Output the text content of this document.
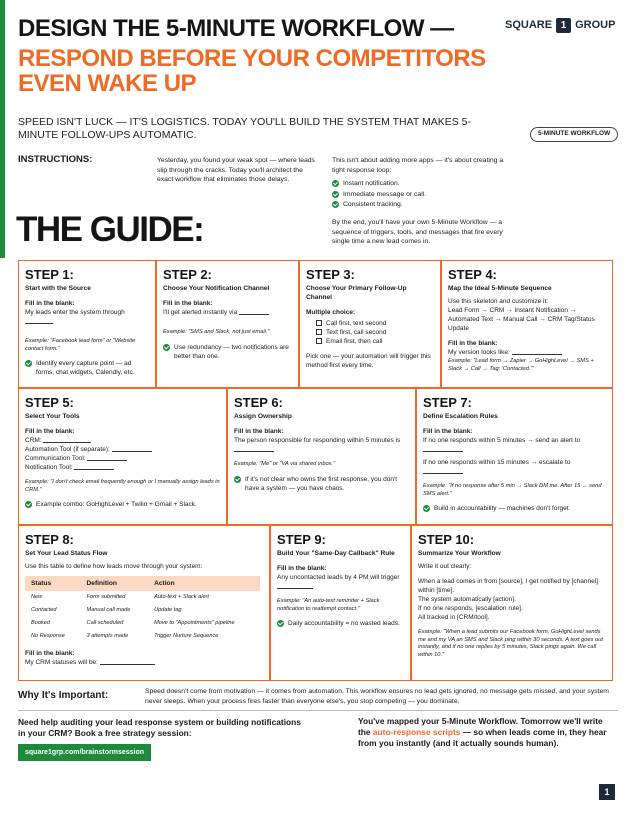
DESIGN THE 5-MINUTE WORKFLOW —
RESPOND BEFORE YOUR COMPETITORS EVEN WAKE UP
SQUARE 1 GROUP
SPEED ISN'T LUCK — IT'S LOGISTICS. TODAY YOU'LL BUILD THE SYSTEM THAT MAKES 5-MINUTE FOLLOW-UPS AUTOMATIC.	5-MINUTE WORKFLOW
INSTRUCTIONS:	Yesterday, you found your weak spot — where leads slip through the cracks. Today you'll architect the exact workflow that eliminates those delays.
This isn't about adding more apps — it's about creating a tight response loop:
Instant notification.
Immediate message or call.
Consistent tracking.
By the end, you'll have your own 5-Minute Workflow — a sequence of triggers, tools, and messages that fire every single time a new lead comes in.
THE GUIDE:
STEP 1:
Start with the Source
Fill in the blank:
My leads enter the system through
Example: "Facebook lead form" or "Website contact form."
Identify every capture point — ad forms, chat widgets, Calendly, etc.
STEP 2:
Choose Your Notification Channel
Fill in the blank:
I'll get alerted instantly via
Example: "SMS and Slack, not just email."
Use redundancy — two notifications are better than one.
STEP 3:
Choose Your Primary Follow-Up Channel
Multiple choice:
Call first, text second
Text first, call second
Email first, then call
Pick one — your automation will trigger this method first every time.
STEP 4:
Map the Ideal 5-Minute Sequence
Use this skeleton and customize it:
Lead Form → CRM → Instant Notification → Automated Text → Manual Call → CRM Tag/Status Update
Fill in the blank:
My version looks like:
Example: "Lead form → Zapier → GoHighLevel → SMS + Slack → Call → Tag: 'Contacted.'"
STEP 5:
Select Your Tools
Fill in the blank:
CRM:
Automation Tool (if separate):
Communication Tool:
Notification Tool:
Example: "I don't check email frequently enough or I manually assign leads in CRM."
Example combo: GoHighLevel + Twilio + Gmail + Slack.
STEP 6:
Assign Ownership
Fill in the blank:
The person responsible for responding within 5 minutes is
Example: "Me" or "VA via shared inbox."
If it's not clear who owns the first response, you don't have a system — you have chaos.
STEP 7:
Define Escalation Rules
Fill in the blank:
If no one responds within 5 minutes → send an alert to
If no one responds within 15 minutes → escalate to
Example: "If no response after 5 min → Slack DM me. After 15 → send SMS alert."
Build in accountability — machines don't forget.
STEP 8:
Set Your Lead Status Flow
Use this table to define how leads move through your system:
Status	Definition	Action
New	Form submitted	Auto-text + Slack alert
Contacted	Manual call made	Update tag
Booked	Call scheduled	Move to "Appointments" pipeline
No Response	3 attempts made	Trigger Nurture Sequence
Fill in the blank:
My CRM statuses will be:
STEP 9:
Build Your "Same-Day Callback" Rule
Fill in the blank:
Any uncontacted leads by 4 PM will trigger
Example: "An auto-text reminder + Slack notification to reattempt contact."
Daily accountability = no wasted leads.
STEP 10:
Summarize Your Workflow
Write it out clearly:
When a lead comes in from [source], I get notified by [channel] within [time].
The system automatically [action].
If no one responds, [escalation rule].
All tracked in [CRM/tool].
Example: "When a lead submits our Facebook form, GoHighLevel sends me and my VA an SMS and Slack ping within 30 seconds. A text goes out instantly, and if no one replies by 5 minutes, Slack pings again. We call within 10."
Why It's Important:	Speed doesn't come from motivation — it comes from automation. This workflow ensures no lead gets ignored, no message gets missed, and your system never sleeps. When your process fires faster than everyone else's, you stop competing — you dominate.
Need help auditing your lead response system or building notifications in your CRM? Book a free strategy session:
square1grp.com/brainstormsession
You've mapped your 5-Minute Workflow. Tomorrow we'll write the auto-response scripts — so when leads come in, they hear from you instantly (and it actually sounds human).
1
